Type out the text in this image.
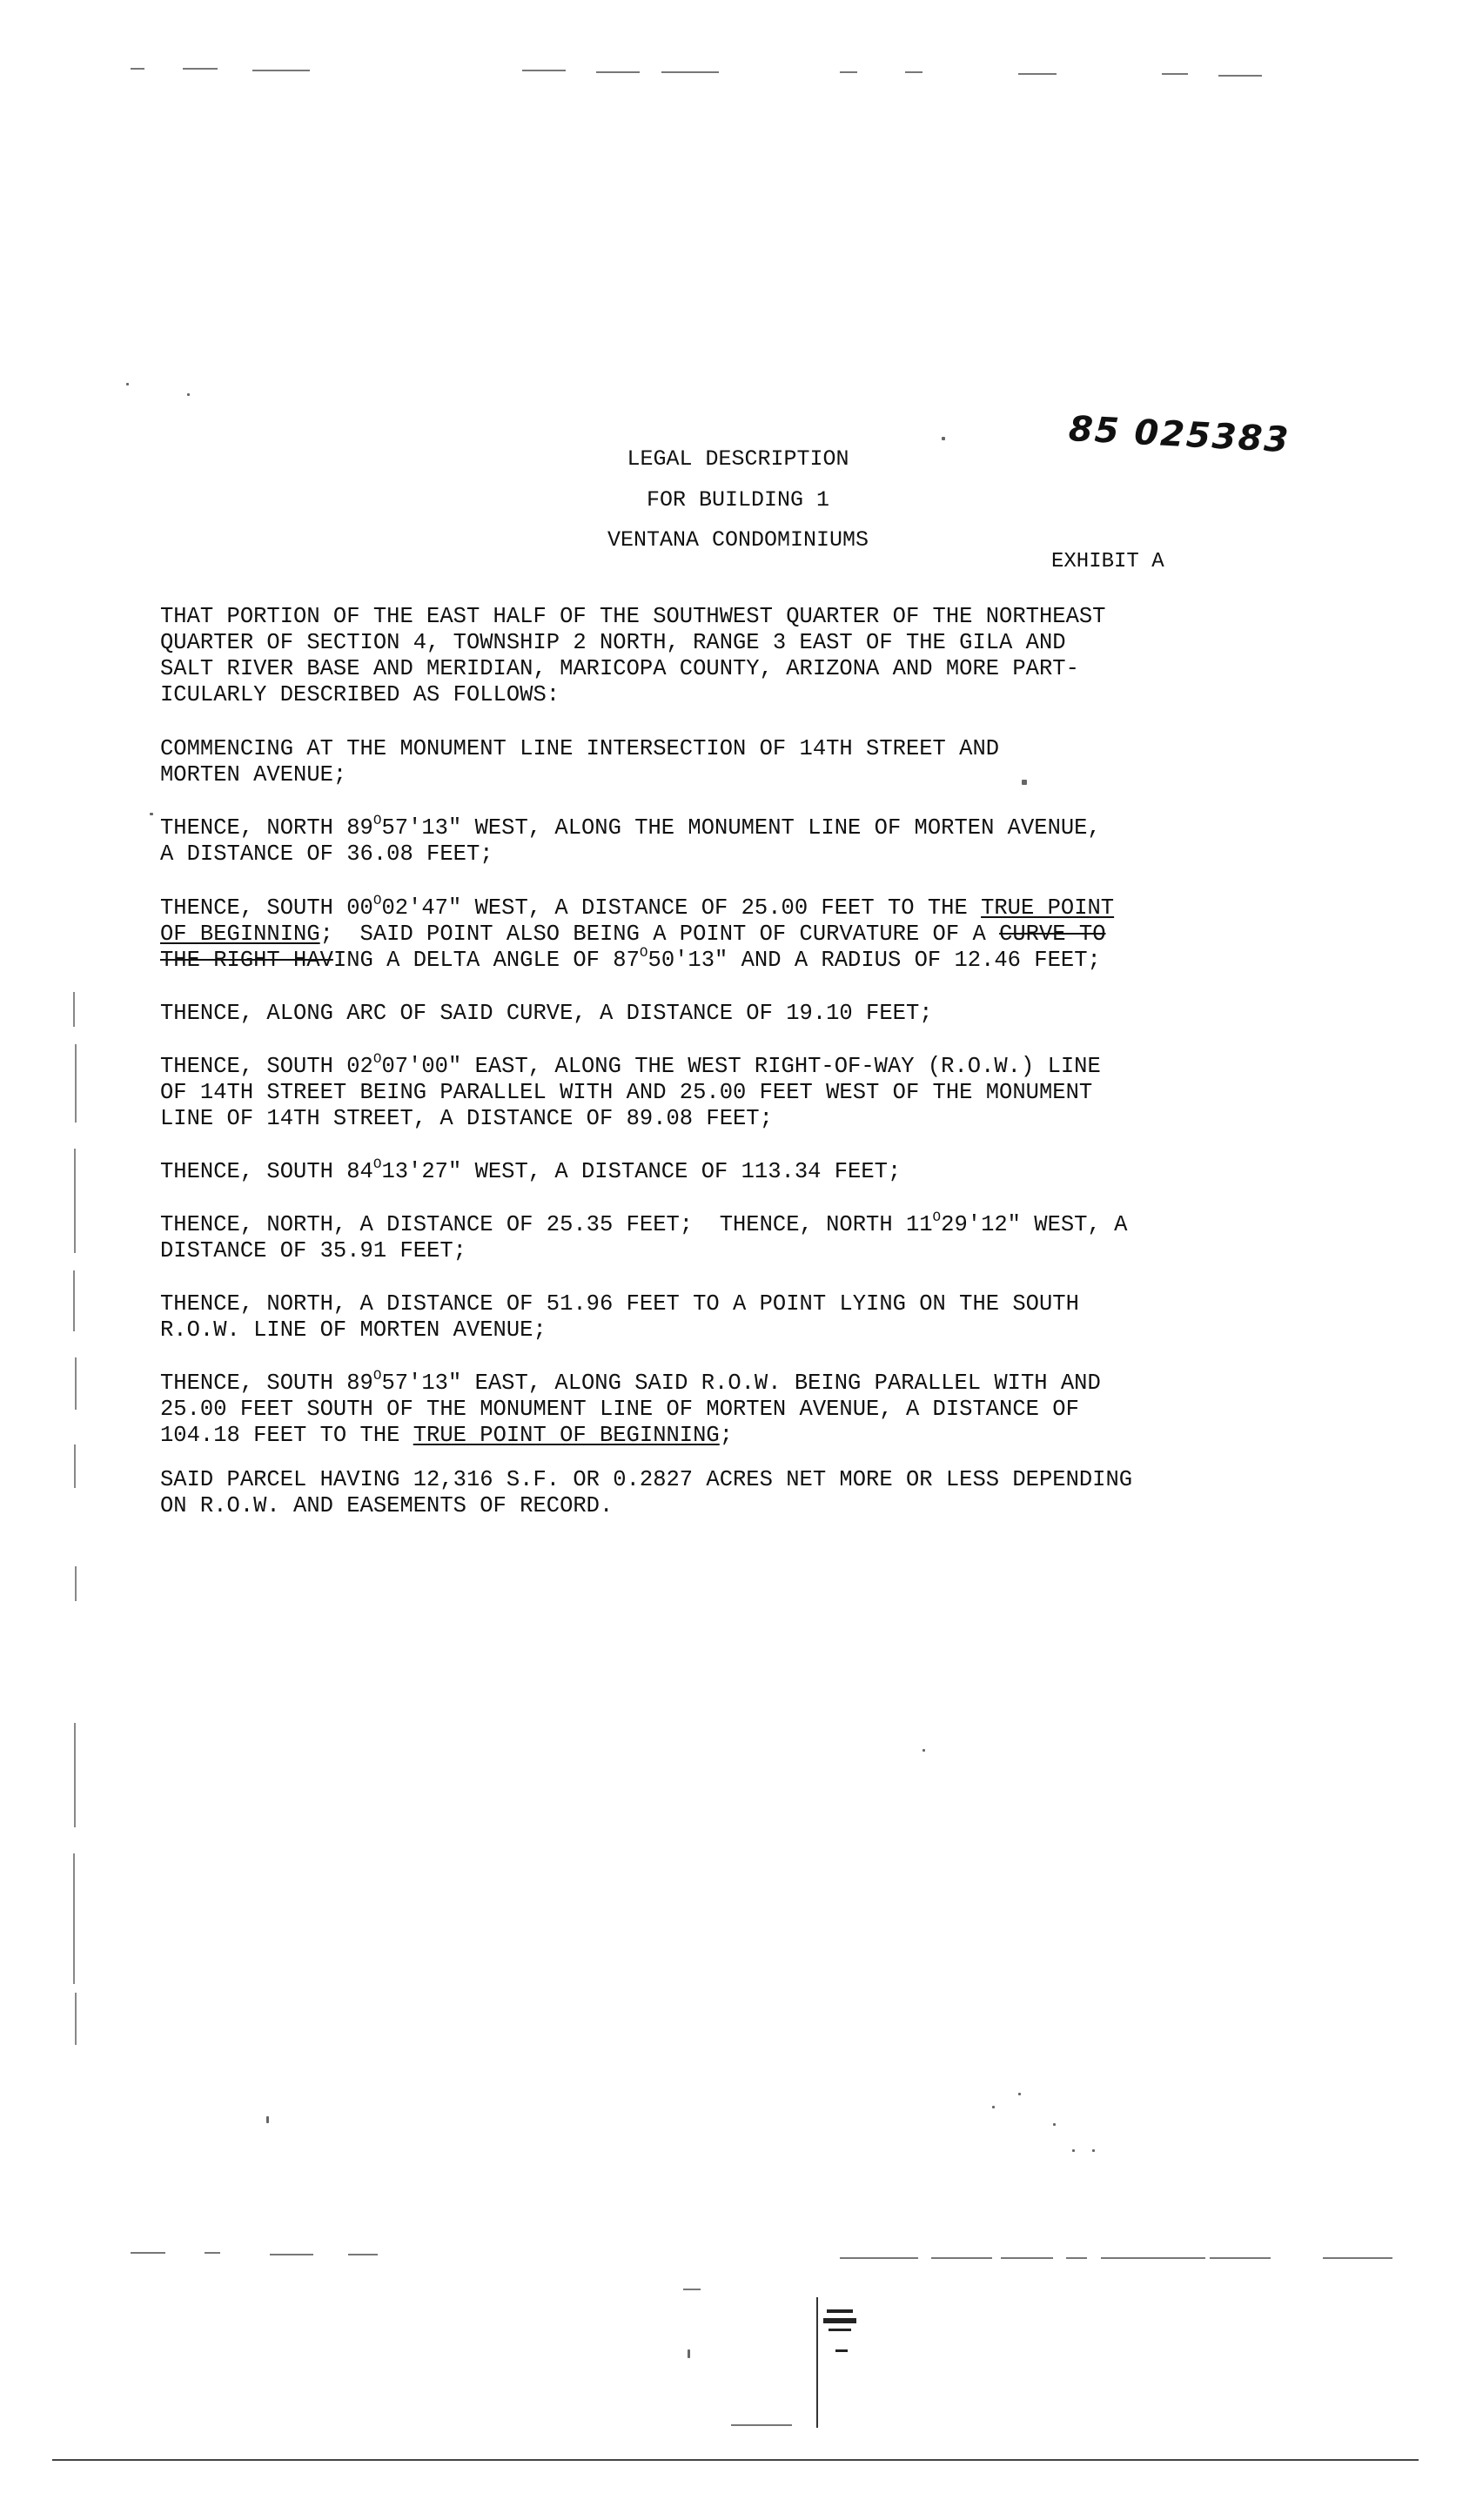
85 025383
LEGAL DESCRIPTION
FOR BUILDING 1
VENTANA CONDOMINIUMS
EXHIBIT A
THAT PORTION OF THE EAST HALF OF THE SOUTHWEST QUARTER OF THE NORTHEAST
QUARTER OF SECTION 4, TOWNSHIP 2 NORTH, RANGE 3 EAST OF THE GILA AND
SALT RIVER BASE AND MERIDIAN, MARICOPA COUNTY, ARIZONA AND MORE PART-
ICULARLY DESCRIBED AS FOLLOWS:
COMMENCING AT THE MONUMENT LINE INTERSECTION OF 14TH STREET AND
MORTEN AVENUE;
THENCE, NORTH $89^O57'13$" WEST, ALONG THE MONUMENT LINE OF MORTEN AVENUE,
A DISTANCE OF 36.08 FEET;
THENCE, SOUTH $00^O02'47$" WEST, A DISTANCE OF 25.00 FEET TO THE TRUE POINT
OF BEGINNING;  SAID POINT ALSO BEING A POINT OF CURVATURE OF A CURVE TO
THE RIGHT HAVING A DELTA ANGLE OF $87^O50'13$" AND A RADIUS OF 12.46 FEET;
THENCE, ALONG ARC OF SAID CURVE, A DISTANCE OF 19.10 FEET;
THENCE, SOUTH $02^O07'00$" EAST, ALONG THE WEST RIGHT-OF-WAY (R.O.W.) LINE
OF 14TH STREET BEING PARALLEL WITH AND 25.00 FEET WEST OF THE MONUMENT
LINE OF 14TH STREET, A DISTANCE OF 89.08 FEET;
THENCE, SOUTH $84^O13'27$" WEST, A DISTANCE OF 113.34 FEET;
THENCE, NORTH, A DISTANCE OF 25.35 FEET;  THENCE, NORTH $11^O29'12$" WEST, A
DISTANCE OF 35.91 FEET;
THENCE, NORTH, A DISTANCE OF 51.96 FEET TO A POINT LYING ON THE SOUTH
R.O.W. LINE OF MORTEN AVENUE;
THENCE, SOUTH $89^O57'13$" EAST, ALONG SAID R.O.W. BEING PARALLEL WITH AND
25.00 FEET SOUTH OF THE MONUMENT LINE OF MORTEN AVENUE, A DISTANCE OF
104.18 FEET TO THE TRUE POINT OF BEGINNING;
SAID PARCEL HAVING 12,316 S.F. OR 0.2827 ACRES NET MORE OR LESS DEPENDING
ON R.O.W. AND EASEMENTS OF RECORD.
